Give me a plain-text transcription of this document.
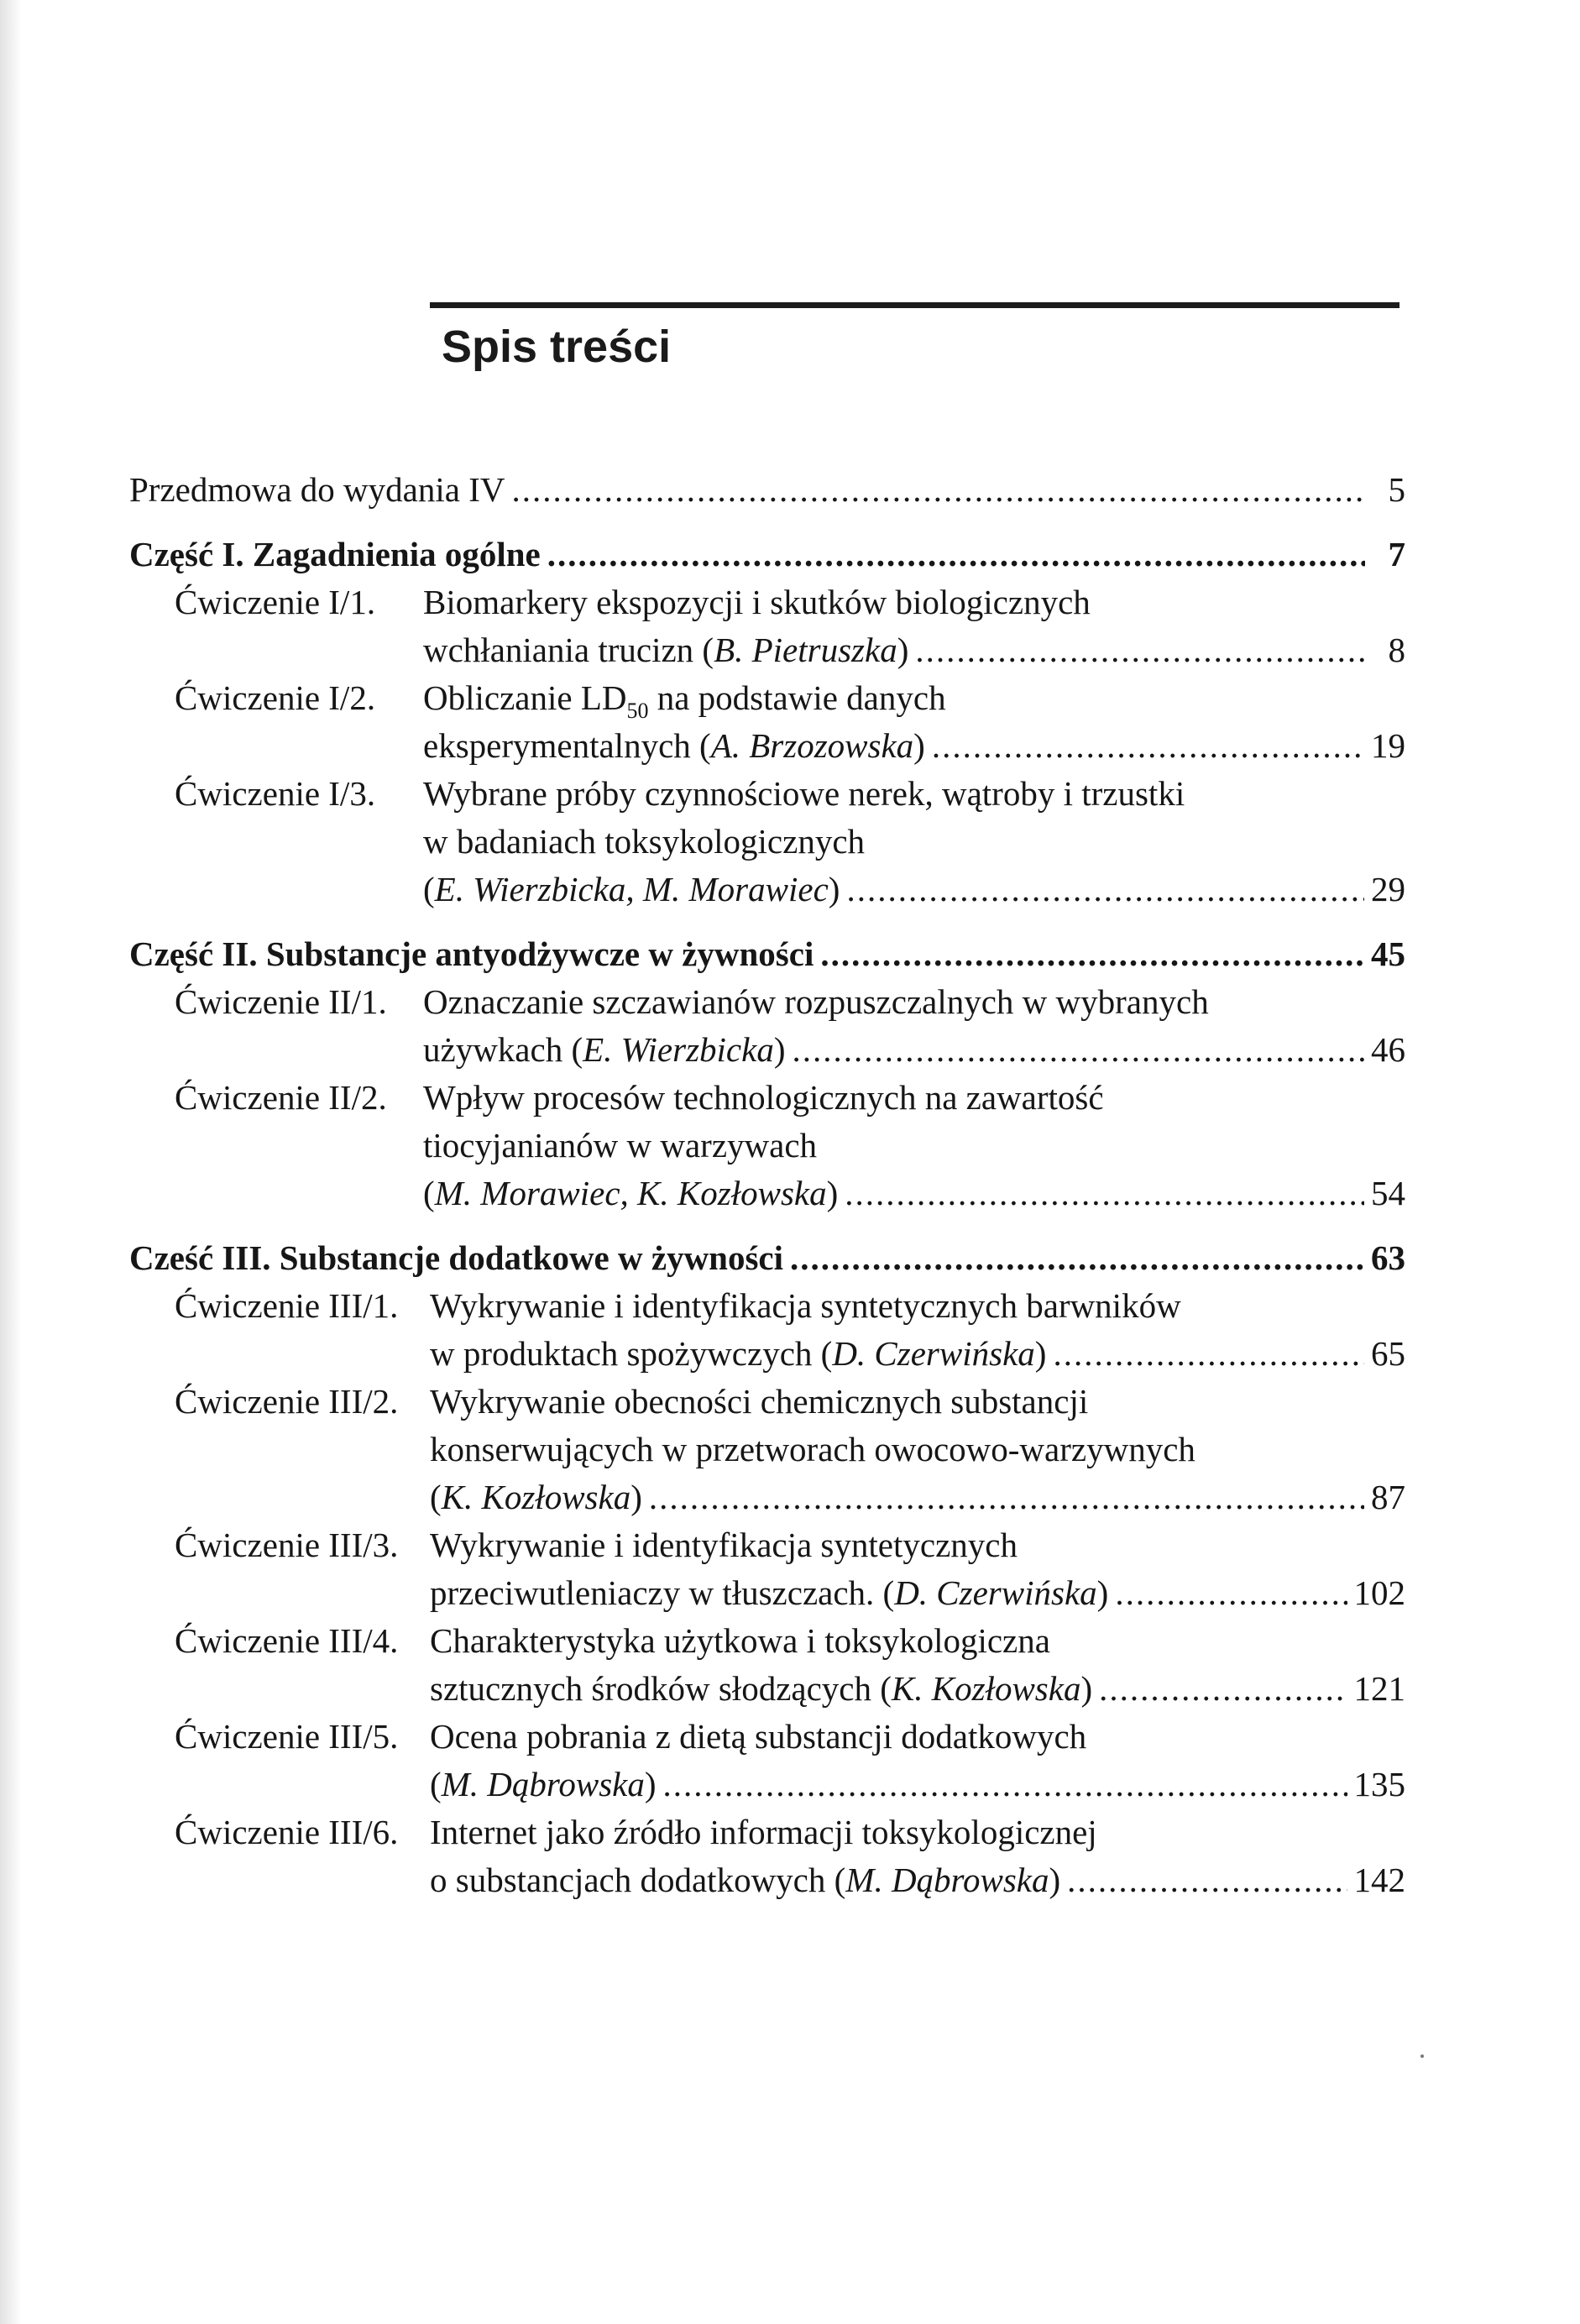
Spis treści
Przedmowa do wydania IV .....	5
Część I. Zagadnienia ogólne .....	7
Ćwiczenie I/1.	Biomarkery ekspozycji i skutków biologicznych
wchłaniania trucizn (B. Pietruszka) .....	8
Ćwiczenie I/2.	Obliczanie $LD_{50}$ na podstawie danych
eksperymentalnych (A. Brzozowska) .....	19
Ćwiczenie I/3.	Wybrane próby czynnościowe nerek, wątroby i trzustki
w badaniach toksykologicznych
(E. Wierzbicka, M. Morawiec) .....	29
Część II. Substancje antyodżywcze w żywności .....	45
Ćwiczenie II/1.	Oznaczanie szczawianów rozpuszczalnych w wybranych
używkach (E. Wierzbicka) .....	46
Ćwiczenie II/2.	Wpływ procesów technologicznych na zawartość
tiocyjanianów w warzywach
(M. Morawiec, K. Kozłowska) .....	54
Cześć III. Substancje dodatkowe w żywności .....	63
Ćwiczenie III/1. Wykrywanie i identyfikacja syntetycznych barwników
w produktach spożywczych (D. Czerwińska) .....	65
Ćwiczenie III/2. Wykrywanie obecności chemicznych substancji
konserwujących w przetworach owocowo-warzywnych
(K. Kozłowska) .....	87
Ćwiczenie III/3. Wykrywanie i identyfikacja syntetycznych
przeciwutleniaczy w tłuszczach. (D. Czerwińska) .....	102
Ćwiczenie III/4. Charakterystyka użytkowa i toksykologiczna
sztucznych środków słodzących (K. Kozłowska) .....	121
Ćwiczenie III/5. Ocena pobrania z dietą substancji dodatkowych
(M. Dąbrowska) .....	135
Ćwiczenie III/6. Internet jako źródło informacji toksykologicznej
o substancjach dodatkowych (M. Dąbrowska) .....	142
